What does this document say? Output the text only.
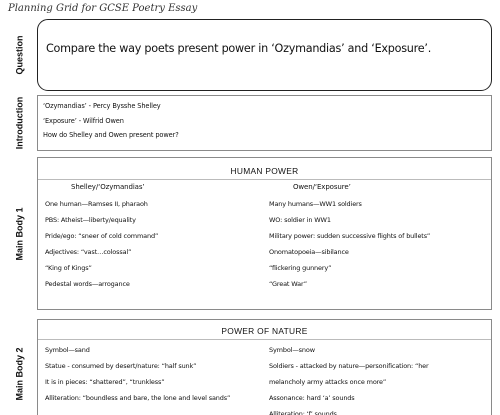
Planning Grid for GCSE Poetry Essay
Question Compare the way poets present power in ‘Ozymandias’ and ‘Exposure’.
Introduction	‘Ozymandias’ - Percy Bysshe Shelley
‘Exposure’ - Wilfrid Owen
How do Shelley and Owen present power?
Main Body 1
HUMAN POWER
Shelley/‘Ozymandias’	Owen/‘Exposure’
One human—Ramses II, pharaoh
PBS: Atheist—liberty/equality
Pride/ego: “sneer of cold command”
Adjectives: “vast…colossal”
“King of Kings”
Pedestal words—arrogance
Many humans—WW1 soldiers
WO: soldier in WW1
Military power: sudden successive flights of bullets”
Onomatopoeia—sibilance
“flickering gunnery”
“Great War”
Main Body 2
POWER OF NATURE
Symbol—sand
Statue - consumed by desert/nature: “half sunk”
It is in pieces: “shattered”, “trunkless”
Alliteration: “boundless and bare, the lone and level sands”
Symbol—snow
Soldiers - attacked by nature—personification: “her
melancholy army attacks once more”
Assonance: hard ‘a’ sounds
Alliteration: ‘f’ sounds
